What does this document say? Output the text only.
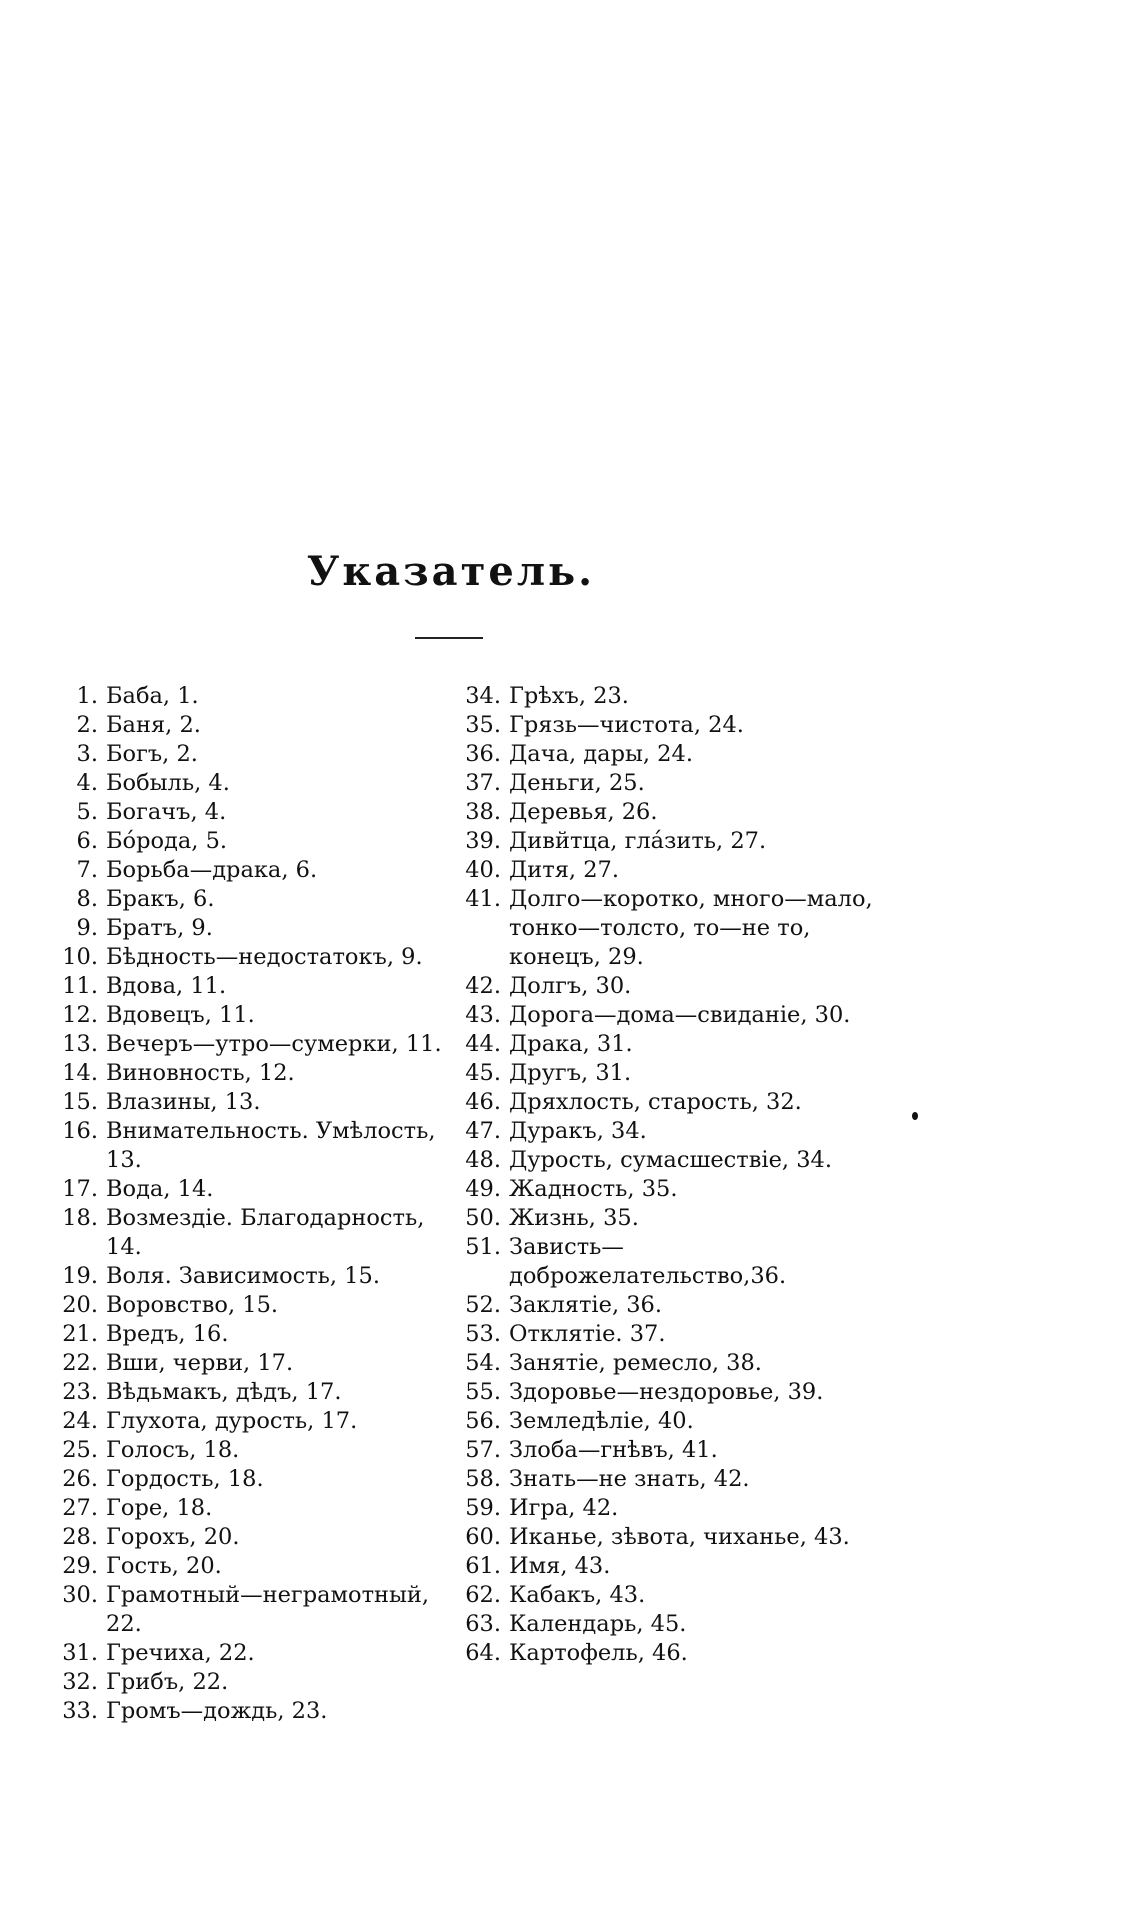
Указатель.
1. Баба, 1.
2. Баня, 2.
3. Богъ, 2.
4. Бобыль, 4.
5. Богачъ, 4.
6. Бо́рода, 5.
7. Борьба—драка, 6.
8. Бракъ, 6.
9. Братъ, 9.
10. Бѣдность—недостатокъ, 9.
11. Вдова, 11.
12. Вдовецъ, 11.
13. Вечеръ—утро—сумерки, 11.
14. Виновность, 12.
15. Влазины, 13.
16. Внимательность. Умѣлость, 13.
17. Вода, 14.
18. Возмездіе. Благодарность, 14.
19. Воля. Зависимость, 15.
20. Воровство, 15.
21. Вредъ, 16.
22. Вши, черви, 17.
23. Вѣдьмакъ, дѣдъ, 17.
24. Глухота, дурость, 17.
25. Голосъ, 18.
26. Гордость, 18.
27. Горе, 18.
28. Горохъ, 20.
29. Гость, 20.
30. Грамотный—неграмотный, 22.
31. Гречиха, 22.
32. Грибъ, 22.
33. Громъ—дождь, 23.
34. Грѣхъ, 23.
35. Грязь—чистота, 24.
36. Дача, дары, 24.
37. Деньги, 25.
38. Деревья, 26.
39. Дивйтца, гла́зить, 27.
40. Дитя, 27.
41. Долго—коротко, много—мало, тонко—толсто, то—не то, конецъ, 29.
42. Долгъ, 30.
43. Дорога—дома—свиданіе, 30.
44. Драка, 31.
45. Другъ, 31.
46. Дряхлость, старость, 32.
47. Дуракъ, 34.
48. Дурость, сумасшествіе, 34.
49. Жадность, 35.
50. Жизнь, 35.
51. Зависть—доброжелательство,36.
52. Заклятіе, 36.
53. Отклятіе. 37.
54. Занятіе, ремесло, 38.
55. Здоровье—нездоровье, 39.
56. Земледѣліе, 40.
57. Злоба—гнѣвъ, 41.
58. Знать—не знать, 42.
59. Игра, 42.
60. Иканье, зѣвота, чиханье, 43.
61. Имя, 43.
62. Кабакъ, 43.
63. Календарь, 45.
64. Картофель, 46.
